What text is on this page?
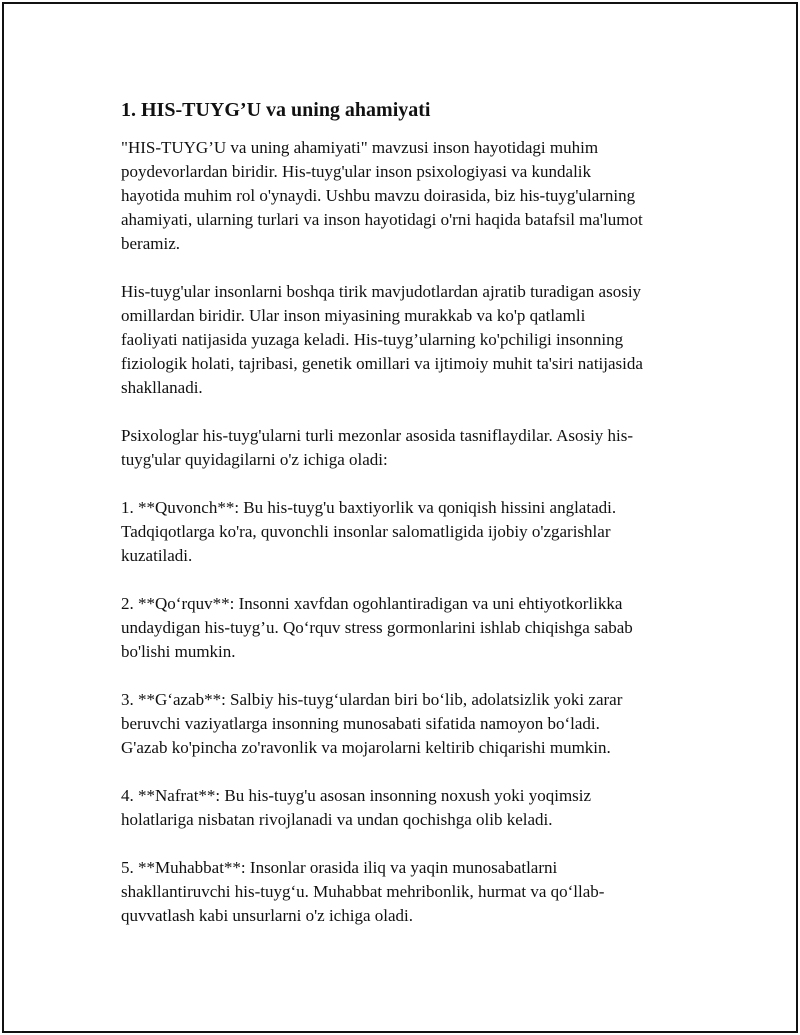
1. HIS-TUYG’U va uning ahamiyati

"HIS-TUYG’U va uning ahamiyati" mavzusi inson hayotidagi muhim
poydevorlardan biridir. His-tuyg'ular inson psixologiyasi va kundalik
hayotida muhim rol o'ynaydi. Ushbu mavzu doirasida, biz his-tuyg'ularning
ahamiyati, ularning turlari va inson hayotidagi o'rni haqida batafsil ma'lumot
beramiz.

His-tuyg'ular insonlarni boshqa tirik mavjudotlardan ajratib turadigan asosiy
omillardan biridir. Ular inson miyasining murakkab va ko'p qatlamli
faoliyati natijasida yuzaga keladi. His-tuyg’ularning ko'pchiligi insonning
fiziologik holati, tajribasi, genetik omillari va ijtimoiy muhit ta'siri natijasida
shakllanadi.

Psixologlar his-tuyg'ularni turli mezonlar asosida tasniflaydilar. Asosiy his-
tuyg'ular quyidagilarni o'z ichiga oladi:

1. **Quvonch**: Bu his-tuyg'u baxtiyorlik va qoniqish hissini anglatadi.
Tadqiqotlarga ko'ra, quvonchli insonlar salomatligida ijobiy o'zgarishlar
kuzatiladi.

2. **Qo‘rquv**: Insonni xavfdan ogohlantiradigan va uni ehtiyotkorlikka
undaydigan his-tuyg’u. Qo‘rquv stress gormonlarini ishlab chiqishga sabab
bo'lishi mumkin.

3. **G‘azab**: Salbiy his-tuyg‘ulardan biri bo‘lib, adolatsizlik yoki zarar
beruvchi vaziyatlarga insonning munosabati sifatida namoyon bo‘ladi.
G'azab ko'pincha zo'ravonlik va mojarolarni keltirib chiqarishi mumkin.

4. **Nafrat**: Bu his-tuyg'u asosan insonning noxush yoki yoqimsiz
holatlariga nisbatan rivojlanadi va undan qochishga olib keladi.

5. **Muhabbat**: Insonlar orasida iliq va yaqin munosabatlarni
shakllantiruvchi his-tuyg‘u. Muhabbat mehribonlik, hurmat va qo‘llab-
quvvatlash kabi unsurlarni o'z ichiga oladi.
